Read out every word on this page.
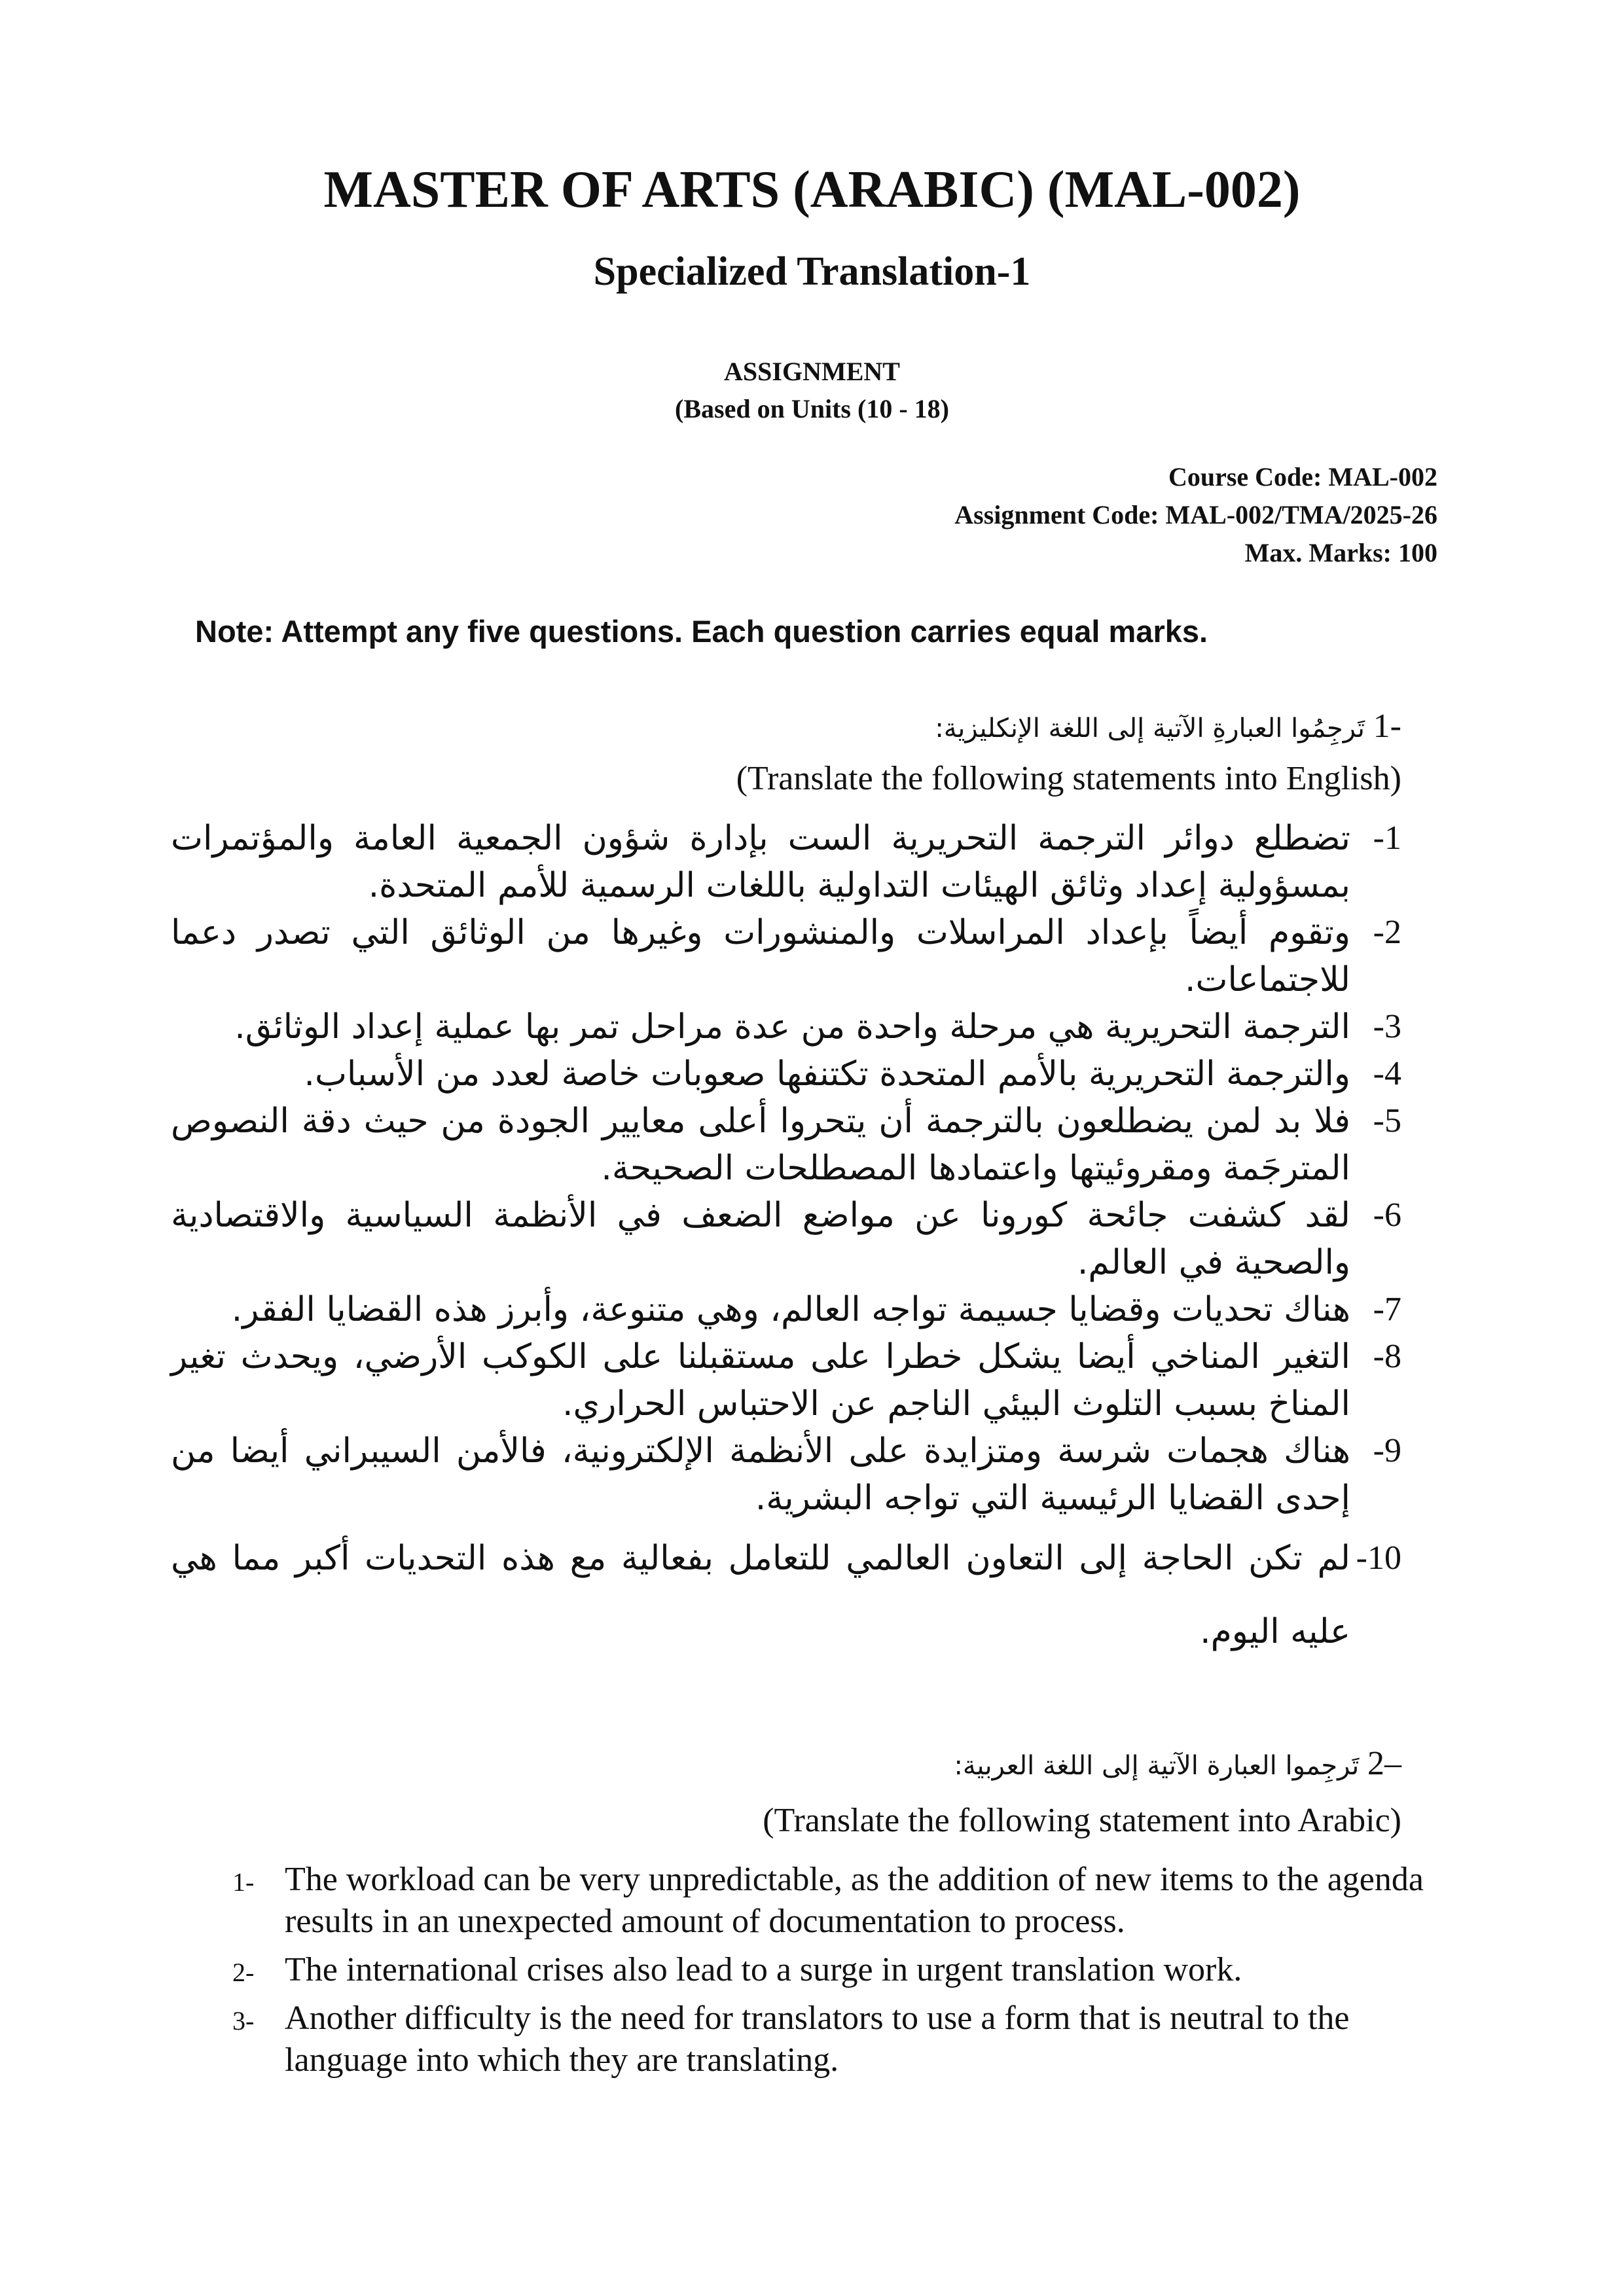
MASTER OF ARTS (ARABIC) (MAL-002)
Specialized Translation-1
ASSIGNMENT
(Based on Units (10 - 18)
Course Code: MAL-002
Assignment Code: MAL-002/TMA/2025-26
Max. Marks: 100
Note: Attempt any five questions. Each question carries equal marks.
1- تَرجِمُوا العبارةِ الآتية إلى اللغة الإنكليزية:
(Translate the following statements into English)
-1
تضطلع دوائر الترجمة التحريرية الست بإدارة شؤون الجمعية العامة والمؤتمرات بمسؤولية إعداد وثائق الهيئات التداولية باللغات الرسمية للأمم المتحدة.
-2
وتقوم أيضاً بإعداد المراسلات والمنشورات وغيرها من الوثائق التي تصدر دعما للاجتماعات.
-3
الترجمة التحريرية هي مرحلة واحدة من عدة مراحل تمر بها عملية إعداد الوثائق.
-4
والترجمة التحريرية بالأمم المتحدة تكتنفها صعوبات خاصة لعدد من الأسباب.
-5
فلا بد لمن يضطلعون بالترجمة أن يتحروا أعلى معايير الجودة من حيث دقة النصوص المترجَمة ومقروئيتها واعتمادها المصطلحات الصحيحة.
-6
لقد كشفت جائحة كورونا عن مواضع الضعف في الأنظمة السياسية والاقتصادية والصحية في العالم.
-7
هناك تحديات وقضايا جسيمة تواجه العالم، وهي متنوعة، وأبرز هذه القضايا الفقر.
-8
التغير المناخي أيضا يشكل خطرا على مستقبلنا على الكوكب الأرضي، ويحدث تغير المناخ بسبب التلوث البيئي الناجم عن الاحتباس الحراري.
-9
هناك هجمات شرسة ومتزايدة على الأنظمة الإلكترونية، فالأمن السيبراني أيضا من إحدى القضايا الرئيسية التي تواجه البشرية.
-10
لم تكن الحاجة إلى التعاون العالمي للتعامل بفعالية مع هذه التحديات أكبر مما هي عليه اليوم.
2– تَرجِموا العبارة الآتية إلى اللغة العربية:
(Translate the following statement into Arabic)
1- The workload can be very unpredictable, as the addition of new items to the agenda results in an unexpected amount of documentation to process.
2- The international crises also lead to a surge in urgent translation work.
3- Another difficulty is the need for translators to use a form that is neutral to the language into which they are translating.
